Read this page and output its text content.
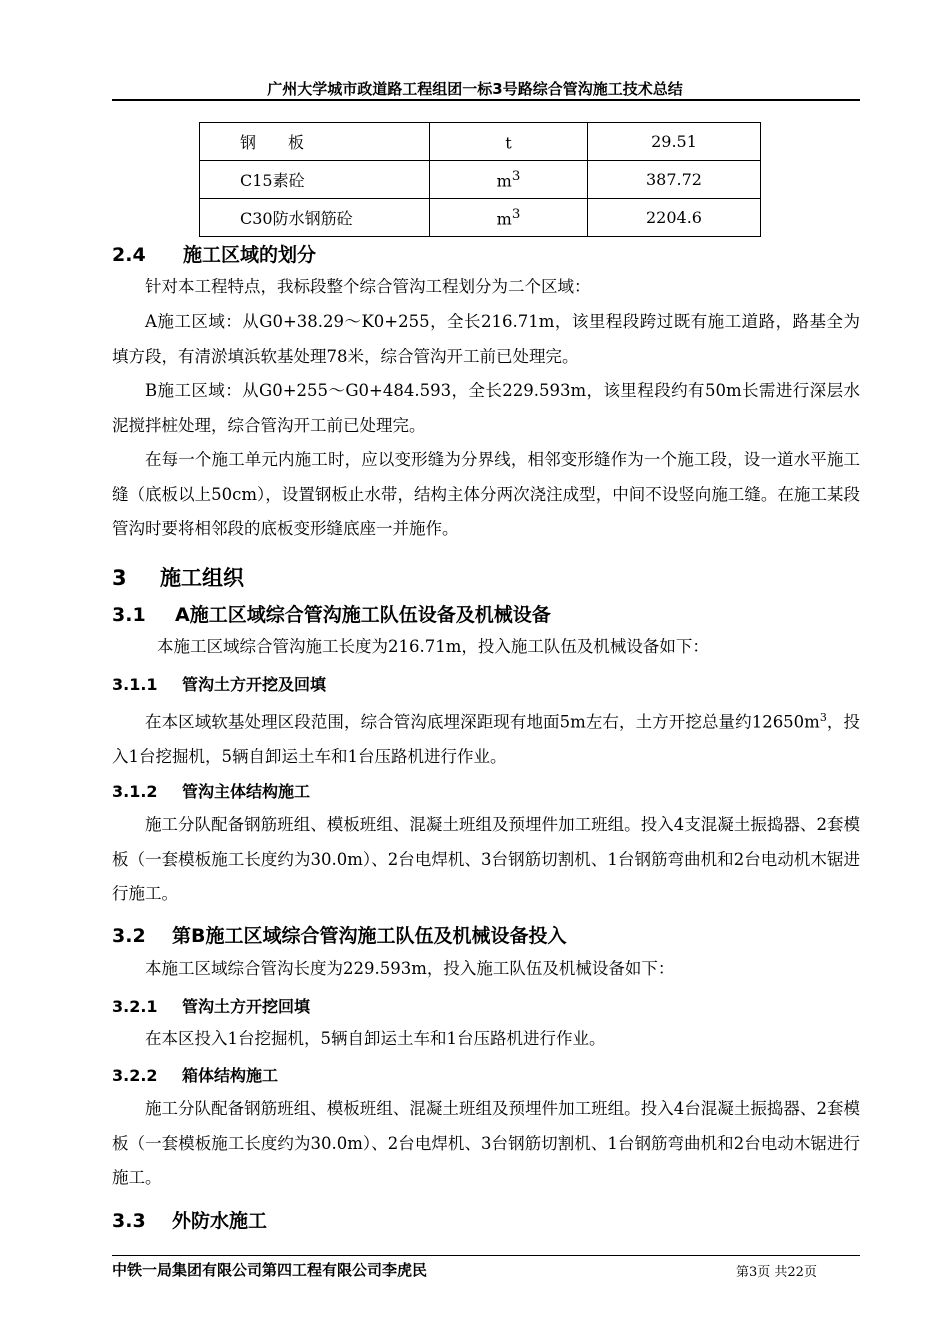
广州大学城市政道路工程组团一标3号路综合管沟施工技术总结
钢　　板	t	29.51
C15素砼	$m^3$	387.72
C30防水钢筋砼	$m^3$	2204.6
2.4 施工区域的划分
针对本工程特点，我标段整个综合管沟工程划分为二个区域：
A施工区域：从G0+38.29～K0+255，全长216.71m，该里程段跨过既有施工道路，路基全为填方段，有清淤填浜软基处理78米，综合管沟开工前已处理完。
B施工区域：从G0+255～G0+484.593，全长229.593m，该里程段约有50m长需进行深层水泥搅拌桩处理，综合管沟开工前已处理完。
在每一个施工单元内施工时，应以变形缝为分界线，相邻变形缝作为一个施工段，设一道水平施工缝（底板以上50cm），设置钢板止水带，结构主体分两次浇注成型，中间不设竖向施工缝。在施工某段管沟时要将相邻段的底板变形缝底座一并施作。
3 施工组织
3.1 A施工区域综合管沟施工队伍设备及机械设备
本施工区域综合管沟施工长度为216.71m，投入施工队伍及机械设备如下：
3.1.1 管沟土方开挖及回填
在本区域软基处理区段范围，综合管沟底埋深距现有地面5m左右，土方开挖总量约$12650m^3$，投入1台挖掘机，5辆自卸运土车和1台压路机进行作业。
3.1.2 管沟主体结构施工
施工分队配备钢筋班组、模板班组、混凝土班组及预埋件加工班组。投入4支混凝土振捣器、2套模板（一套模板施工长度约为30.0m）、2台电焊机、3台钢筋切割机、1台钢筋弯曲机和2台电动机木锯进行施工。
3.2 第B施工区域综合管沟施工队伍及机械设备投入
本施工区域综合管沟长度为229.593m，投入施工队伍及机械设备如下：
3.2.1 管沟土方开挖回填
在本区投入1台挖掘机，5辆自卸运土车和1台压路机进行作业。
3.2.2 箱体结构施工
施工分队配备钢筋班组、模板班组、混凝土班组及预埋件加工班组。投入4台混凝土振捣器、2套模板（一套模板施工长度约为30.0m）、2台电焊机、3台钢筋切割机、1台钢筋弯曲机和2台电动木锯进行施工。
3.3 外防水施工
中铁一局集团有限公司第四工程有限公司李虎民	第3页 共22页
